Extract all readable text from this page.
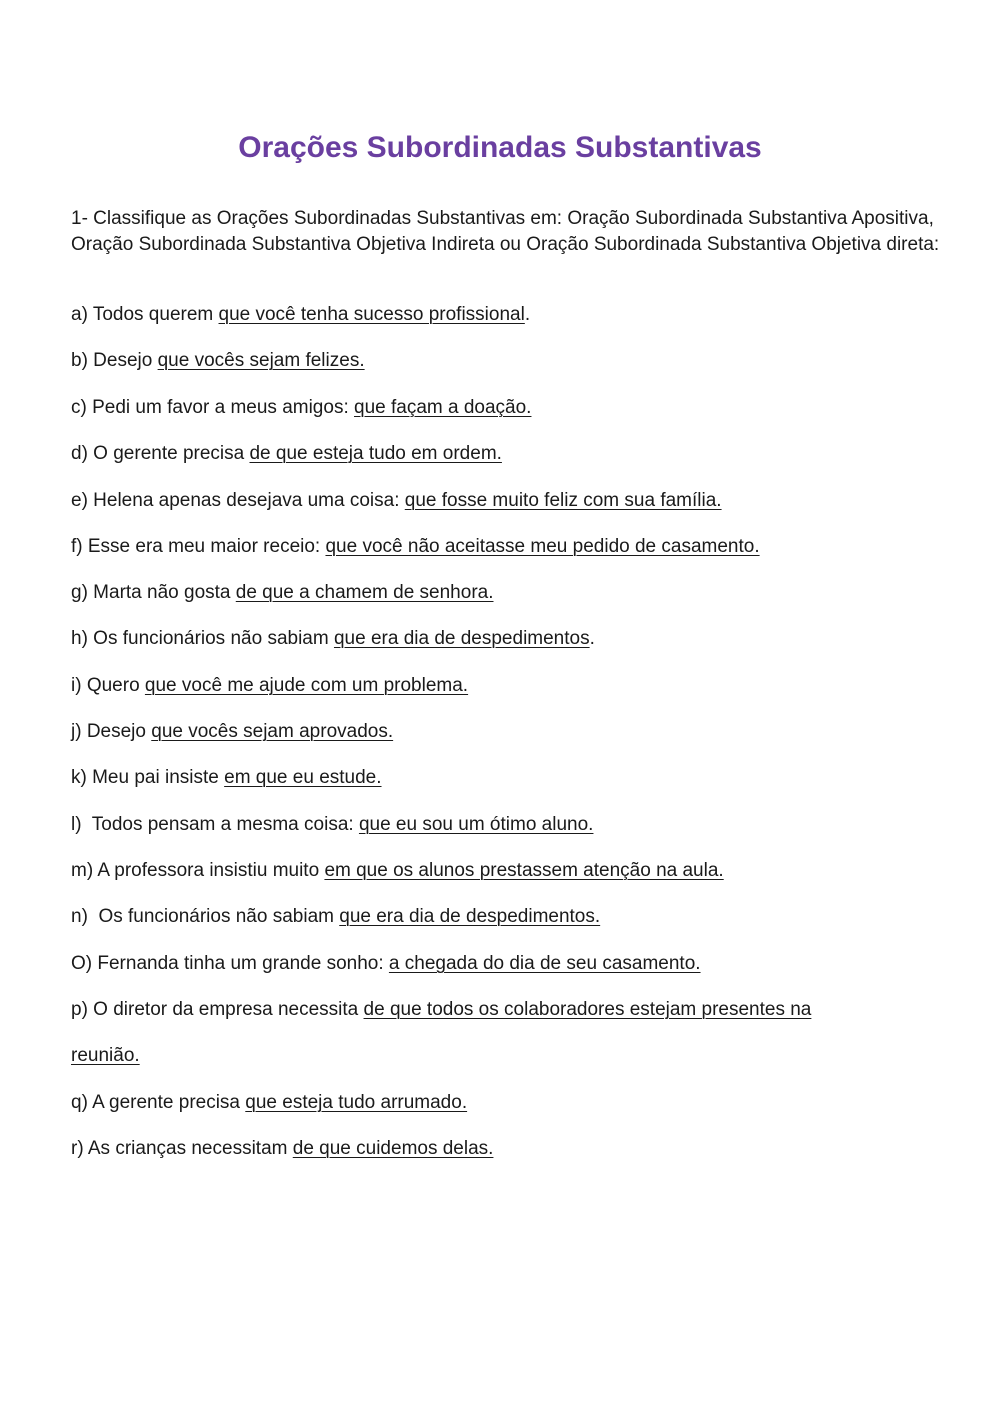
Orações Subordinadas Substantivas
1- Classifique as Orações Subordinadas Substantivas em: Oração Subordinada Substantiva Apositiva, Oração Subordinada Substantiva Objetiva Indireta ou Oração Subordinada Substantiva Objetiva direta:
a) Todos querem que você tenha sucesso profissional.
b) Desejo que vocês sejam felizes.
c) Pedi um favor a meus amigos: que façam a doação.
d) O gerente precisa de que esteja tudo em ordem.
e) Helena apenas desejava uma coisa: que fosse muito feliz com sua família.
f) Esse era meu maior receio: que você não aceitasse meu pedido de casamento.
g) Marta não gosta de que a chamem de senhora.
h) Os funcionários não sabiam que era dia de despedimentos.
i) Quero que você me ajude com um problema.
j) Desejo que vocês sejam aprovados.
k) Meu pai insiste em que eu estude.
l)  Todos pensam a mesma coisa: que eu sou um ótimo aluno.
m) A professora insistiu muito em que os alunos prestassem atenção na aula.
n)  Os funcionários não sabiam que era dia de despedimentos.
O) Fernanda tinha um grande sonho: a chegada do dia de seu casamento.
p) O diretor da empresa necessita de que todos os colaboradores estejam presentes na
reunião.
q) A gerente precisa que esteja tudo arrumado.
r) As crianças necessitam de que cuidemos delas.
